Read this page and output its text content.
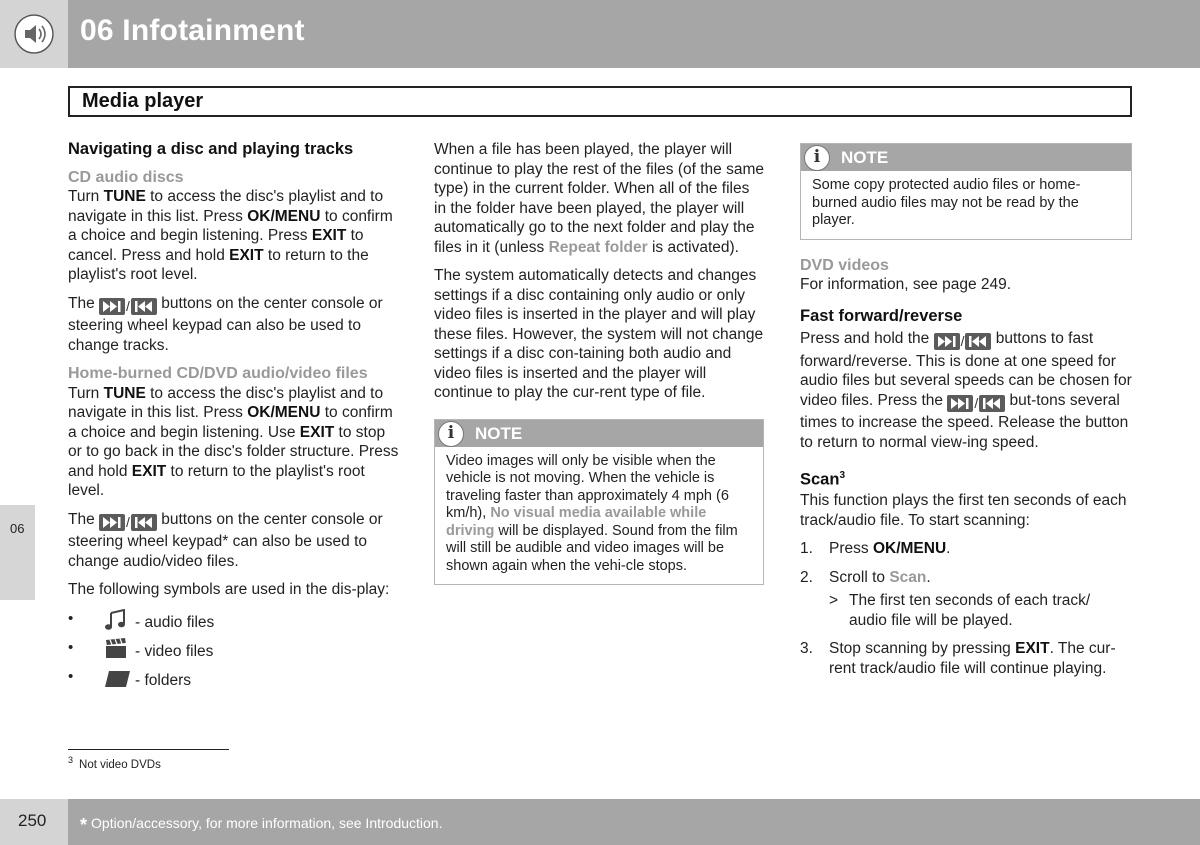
06 Infotainment
Media player
Navigating a disc and playing tracks
CD audio discs
Turn TUNE to access the disc's playlist and to navigate in this list. Press OK/MENU to confirm a choice and begin listening. Press EXIT to cancel. Press and hold EXIT to return to the playlist's root level.
The
/
buttons on the center console or steering wheel keypad can also be used to change tracks.
Home-burned CD/DVD audio/video files
Turn TUNE to access the disc's playlist and to navigate in this list. Press OK/MENU to confirm a choice and begin listening. Use EXIT to stop or to go back in the disc's folder structure. Press and hold EXIT to return to the playlist's root level.
The
/
buttons on the center console or steering wheel keypad* can also be used to change audio/video files.
The following symbols are used in the dis-play:
•	- audio files
•	- video files
•	- folders
When a file has been played, the player will continue to play the rest of the files (of the same type) in the current folder. When all of the files in the folder have been played, the player will automatically go to the next folder and play the files in it (unless Repeat folder is activated).
The system automatically detects and changes settings if a disc containing only audio or only video files is inserted in the player and will play these files. However, the system will not change settings if a disc con-taining both audio and video files is inserted and the player will continue to play the cur-rent type of file.
i	NOTE
Video images will only be visible when the vehicle is not moving. When the vehicle is traveling faster than approximately 4 mph (6 km/h), No visual media available while driving will be displayed. Sound from the film will still be audible and video images will be shown again when the vehi-cle stops.
i	NOTE
Some copy protected audio files or home-burned audio files may not be read by the player.
DVD videos
For information, see page 249.
Fast forward/reverse
Press and hold the
/
buttons to fast forward/reverse. This is done at one speed for audio files but several speeds can be chosen for video files. Press the
/
but-tons several times to increase the speed. Release the button to return to normal view-ing speed.
Scan$^3$
This function plays the first ten seconds of each track/audio file. To start scanning:
1. Press OK/MENU.
2. Scroll to Scan.
> The first ten seconds of each track/ audio file will be played.
3. Stop scanning by pressing EXIT. The cur-rent track/audio file will continue playing.
06
$^3$ Not video DVDs
250 * Option/accessory, for more information, see Introduction.
